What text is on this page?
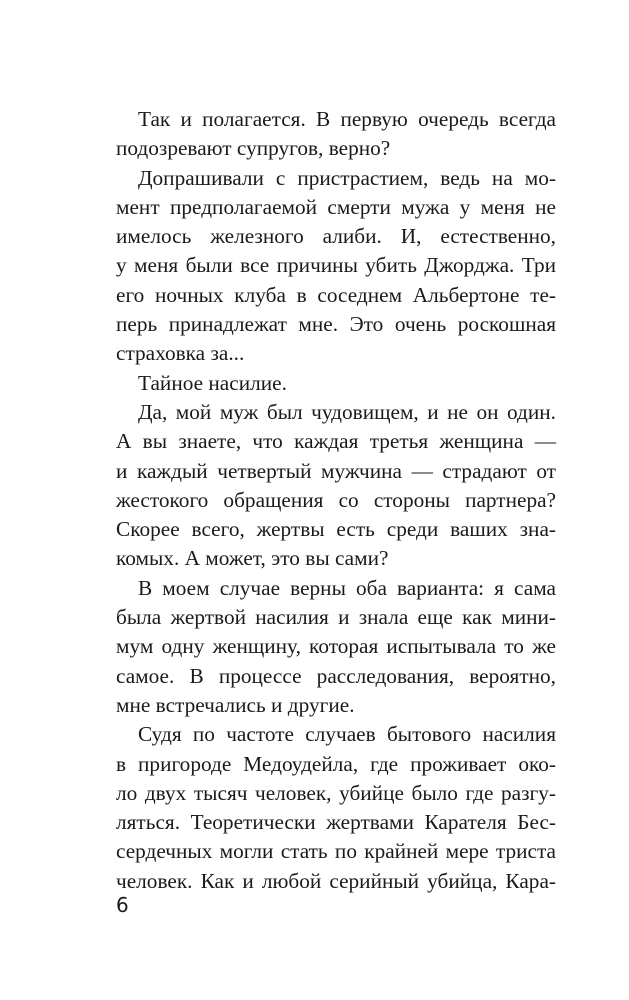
Так и полагается. В первую очередь всегда
подозревают супругов, верно?
Допрашивали с пристрастием, ведь на мо-
мент предполагаемой смерти мужа у меня не
имелось железного алиби. И, естественно,
у меня были все причины убить Джорджа. Три
его ночных клуба в соседнем Альбертоне те-
перь принадлежат мне. Это очень роскошная
страховка за...
Тайное насилие.
Да, мой муж был чудовищем, и не он один.
А вы знаете, что каждая третья женщина —
и каждый четвертый мужчина — страдают от
жестокого обращения со стороны партнера?
Скорее всего, жертвы есть среди ваших зна-
комых. А может, это вы сами?
В моем случае верны оба варианта: я сама
была жертвой насилия и знала еще как мини-
мум одну женщину, которая испытывала то же
самое. В процессе расследования, вероятно,
мне встречались и другие.
Судя по частоте случаев бытового насилия
в пригороде Медоудейла, где проживает око-
ло двух тысяч человек, убийце было где разгу-
ляться. Теоретически жертвами Карателя Бес-
сердечных могли стать по крайней мере триста
человек. Как и любой серийный убийца, Кара-
6
